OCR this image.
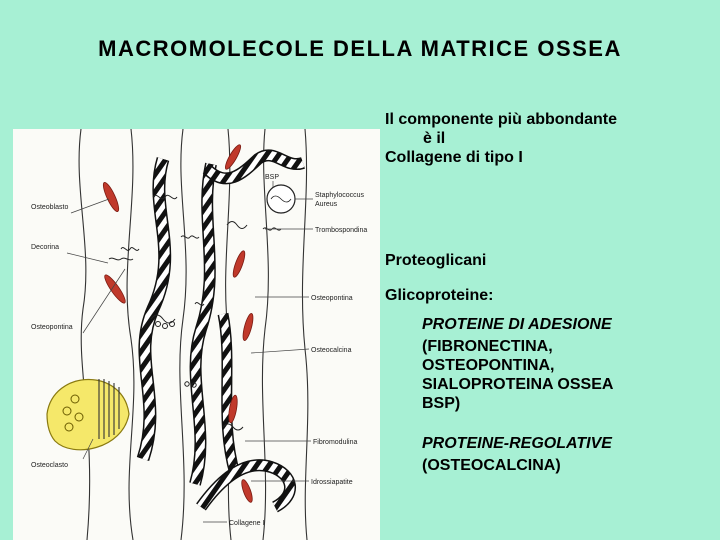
MACROMOLECOLE DELLA MATRICE OSSEA
Osteoblasto
Decorina
Osteopontina
Osteoclasto
BSP
Staphylococcus
Aureus
Trombospondina
Osteopontina
Osteocalcina
Fibromodulina
Idrossiapatite
Collagene I

Il componente più abbondante

è il

Collagene di tipo I

Proteoglicani
Glicoproteine:

PROTEINE DI ADESIONE

(FIBRONECTINA,

OSTEOPONTINA,

SIALOPROTEINA OSSEA

BSP)

PROTEINE-REGOLATIVE

(OSTEOCALCINA)
